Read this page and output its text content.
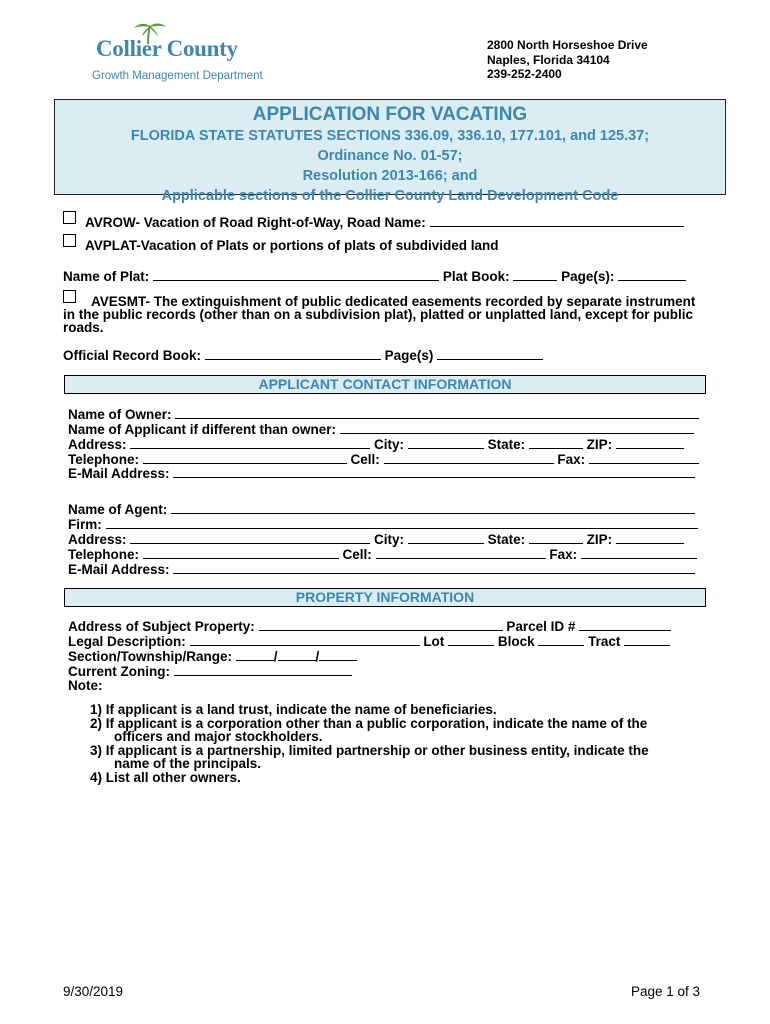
Collier County
Growth Management Department
2800 North Horseshoe Drive
Naples, Florida 34104
239-252-2400
APPLICATION FOR VACATING
FLORIDA STATE STATUTES SECTIONS 336.09, 336.10, 177.101, and 125.37;
Ordinance No. 01-57;
Resolution 2013-166; and
Applicable sections of the Collier County Land Development Code
AVROW- Vacation of Road Right-of-Way, Road Name:
AVPLAT-Vacation of Plats or portions of plats of subdivided land
Name of Plat:	Plat Book:	Page(s):
AVESMT- The extinguishment of public dedicated easements recorded by separate instrument
in the public records (other than on a subdivision plat), platted or unplatted land, except for public
roads.
Official Record Book:	Page(s)
APPLICANT CONTACT INFORMATION
Name of Owner:
Name of Applicant if different than owner:
Address:	City:	State:	ZIP:
Telephone:	Cell:	Fax:
E-Mail Address:
Name of Agent:
Firm:
Address:	City:	State:	ZIP:
Telephone:	Cell:	Fax:
E-Mail Address:
PROPERTY INFORMATION
Address of Subject Property:	Parcel ID #
Legal Description:	Lot	Block	Tract
Section/Township/Range:	/	/
Current Zoning:
Note:
1) If applicant is a land trust, indicate the name of beneficiaries.
2) If applicant is a corporation other than a public corporation, indicate the name of the
officers and major stockholders.
3) If applicant is a partnership, limited partnership or other business entity, indicate the
name of the principals.
4) List all other owners.
9/30/2019	Page 1 of 3
